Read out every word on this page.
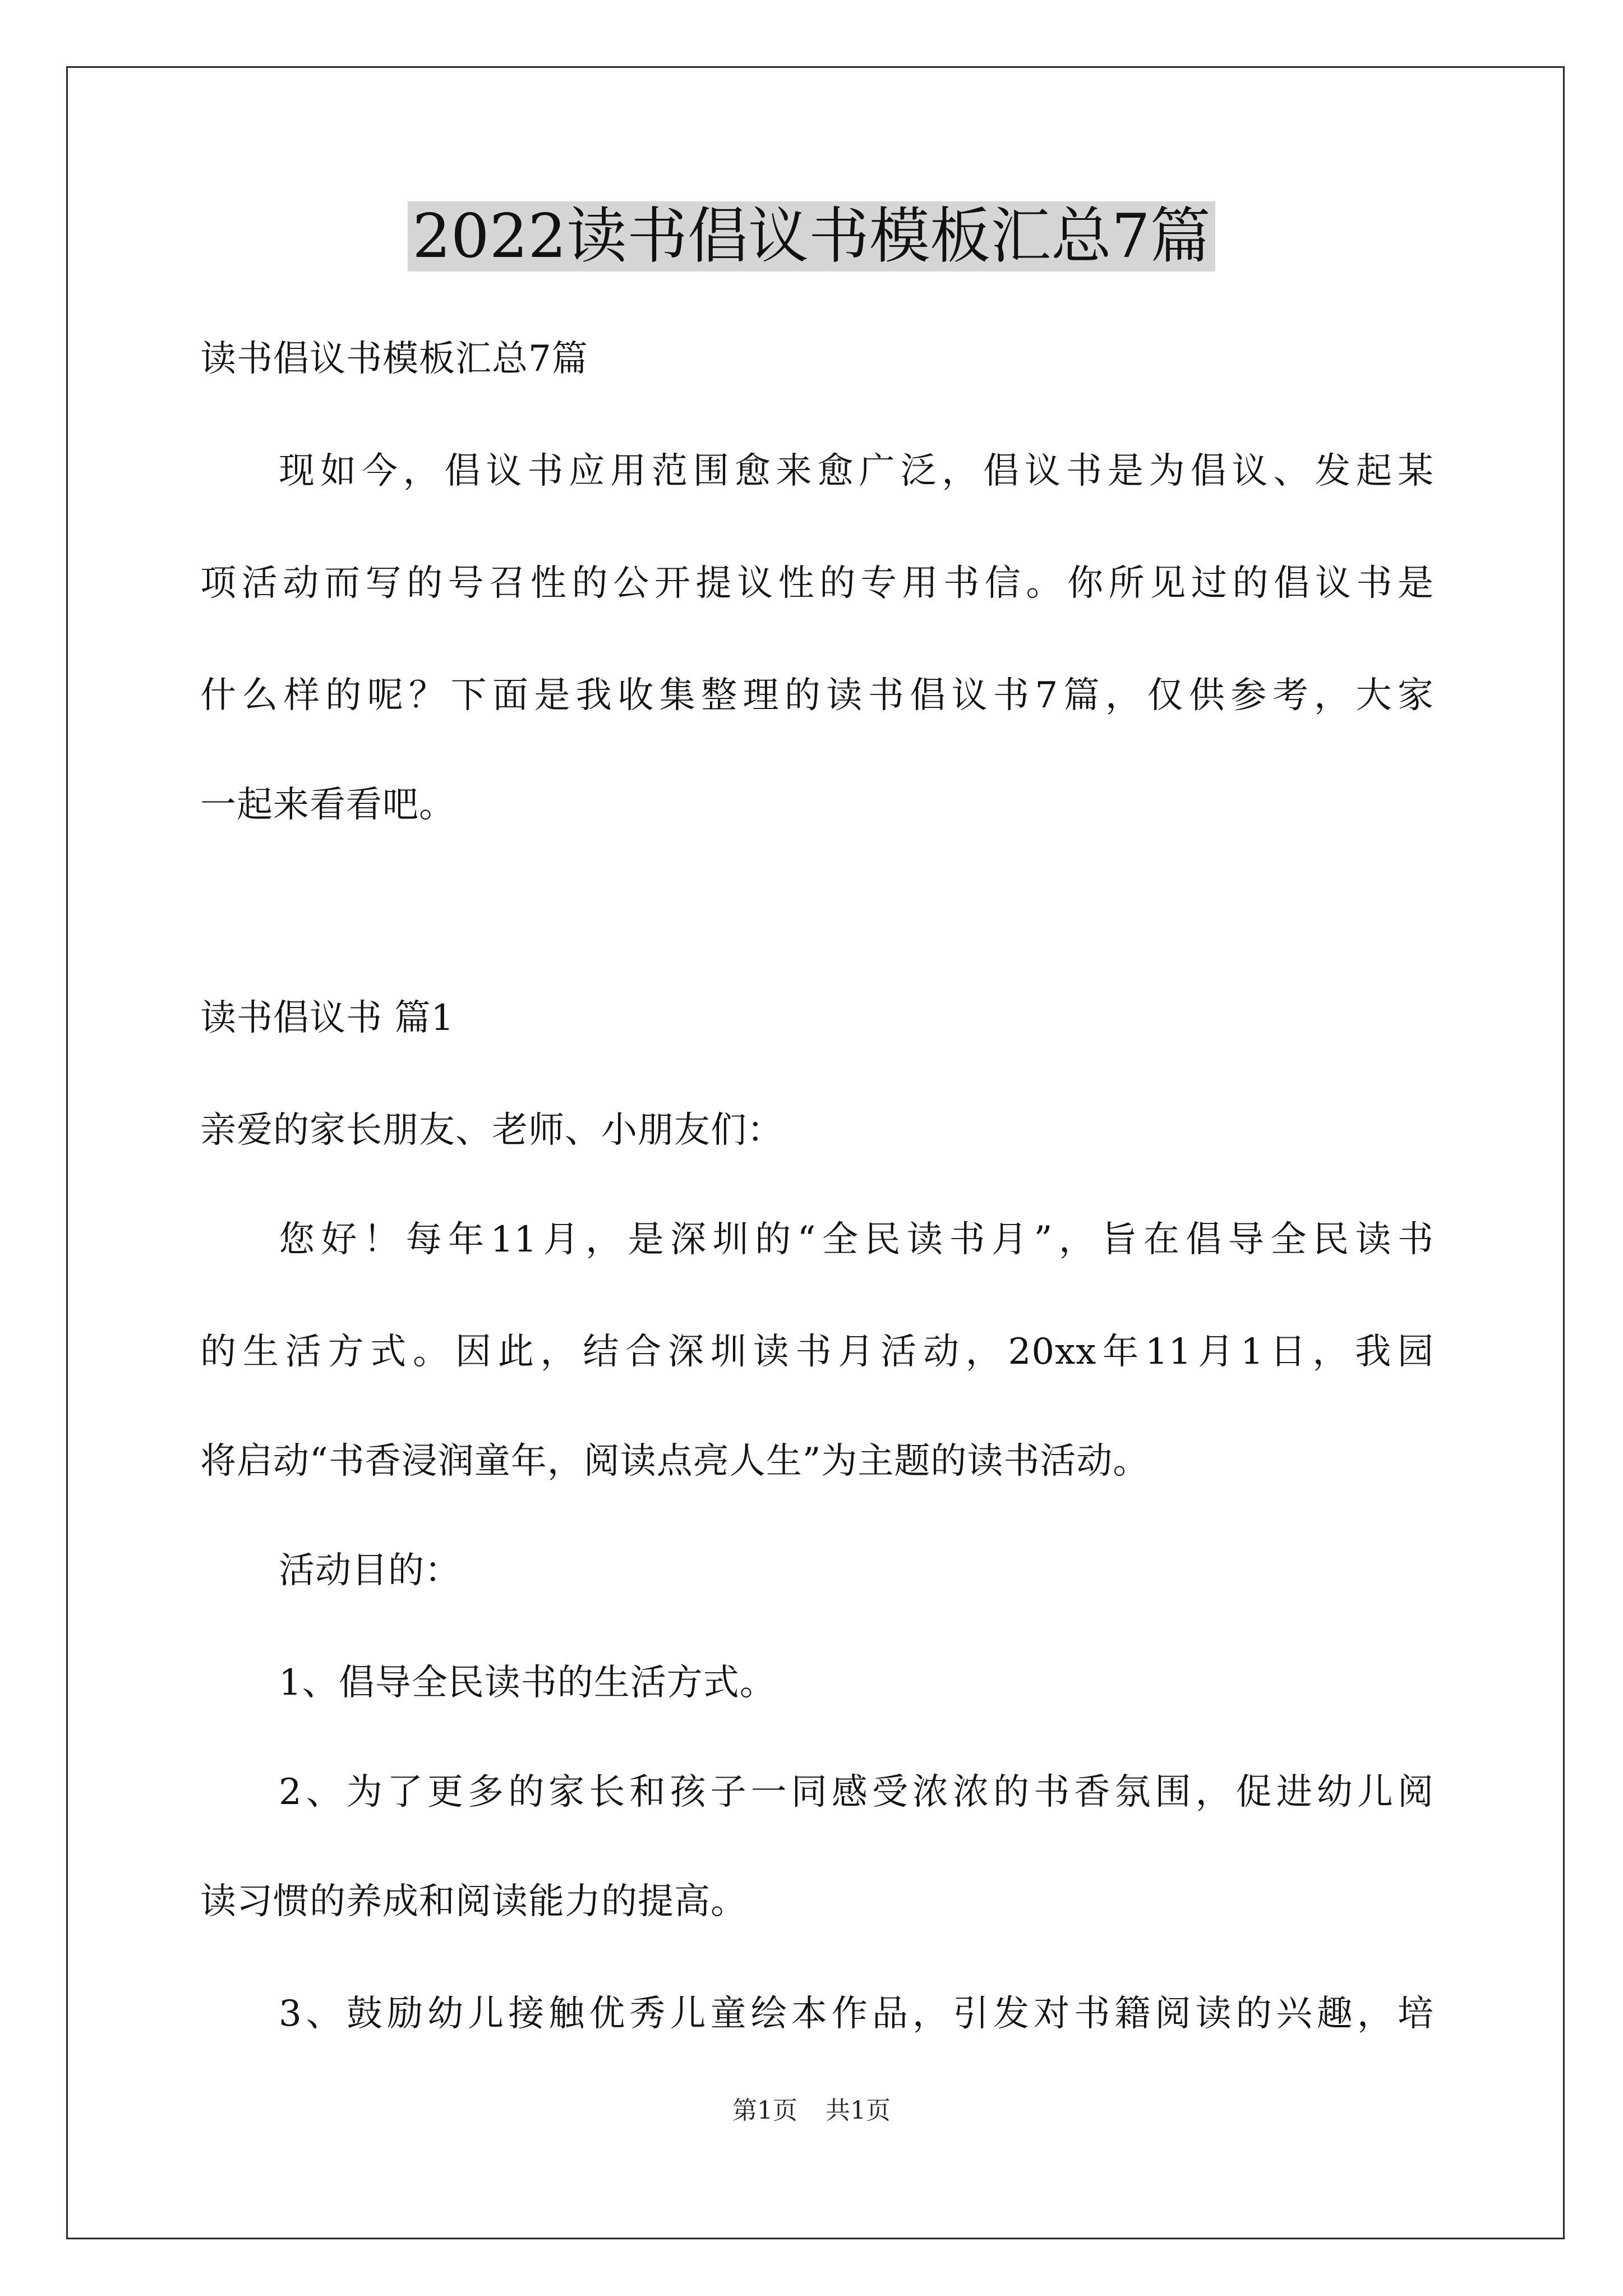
2022读书倡议书模板汇总7篇
读书倡议书模板汇总7篇
现如今，倡议书应用范围愈来愈广泛，倡议书是为倡议、发起某
项活动而写的号召性的公开提议性的专用书信。你所见过的倡议书是
什么样的呢？下面是我收集整理的读书倡议书7篇，仅供参考，大家
一起来看看吧。
读书倡议书 篇1
亲爱的家长朋友、老师、小朋友们：
您好！每年11月，是深圳的“全民读书月”，旨在倡导全民读书
的生活方式。因此，结合深圳读书月活动，20xx年11月1日，我园
将启动“书香浸润童年，阅读点亮人生”为主题的读书活动。
活动目的：
1、倡导全民读书的生活方式。
2、为了更多的家长和孩子一同感受浓浓的书香氛围，促进幼儿阅
读习惯的养成和阅读能力的提高。
3、鼓励幼儿接触优秀儿童绘本作品，引发对书籍阅读的兴趣，培
第1页 共1页
